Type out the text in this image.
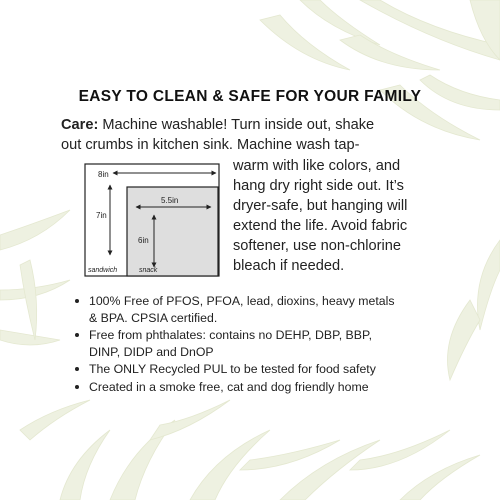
EASY TO CLEAN & SAFE FOR YOUR FAMILY
Care: Machine washable! Turn inside out, shake
out crumbs in kitchen sink. Machine wash tap-
warm with like colors, and
hang dry right side out. It’s
dryer-safe, but hanging will
extend the life. Avoid fabric
softener, use non-chlorine
bleach if needed.
8in
7in
5.5in
6in
sandwich	snack
100% Free of PFOS, PFOA, lead, dioxins, heavy metals
& BPA. CPSIA certified.
Free from phthalates: contains no DEHP, DBP, BBP,
DINP, DIDP and DnOP
The ONLY Recycled PUL to be tested for food safety
Created in a smoke free, cat and dog friendly home
